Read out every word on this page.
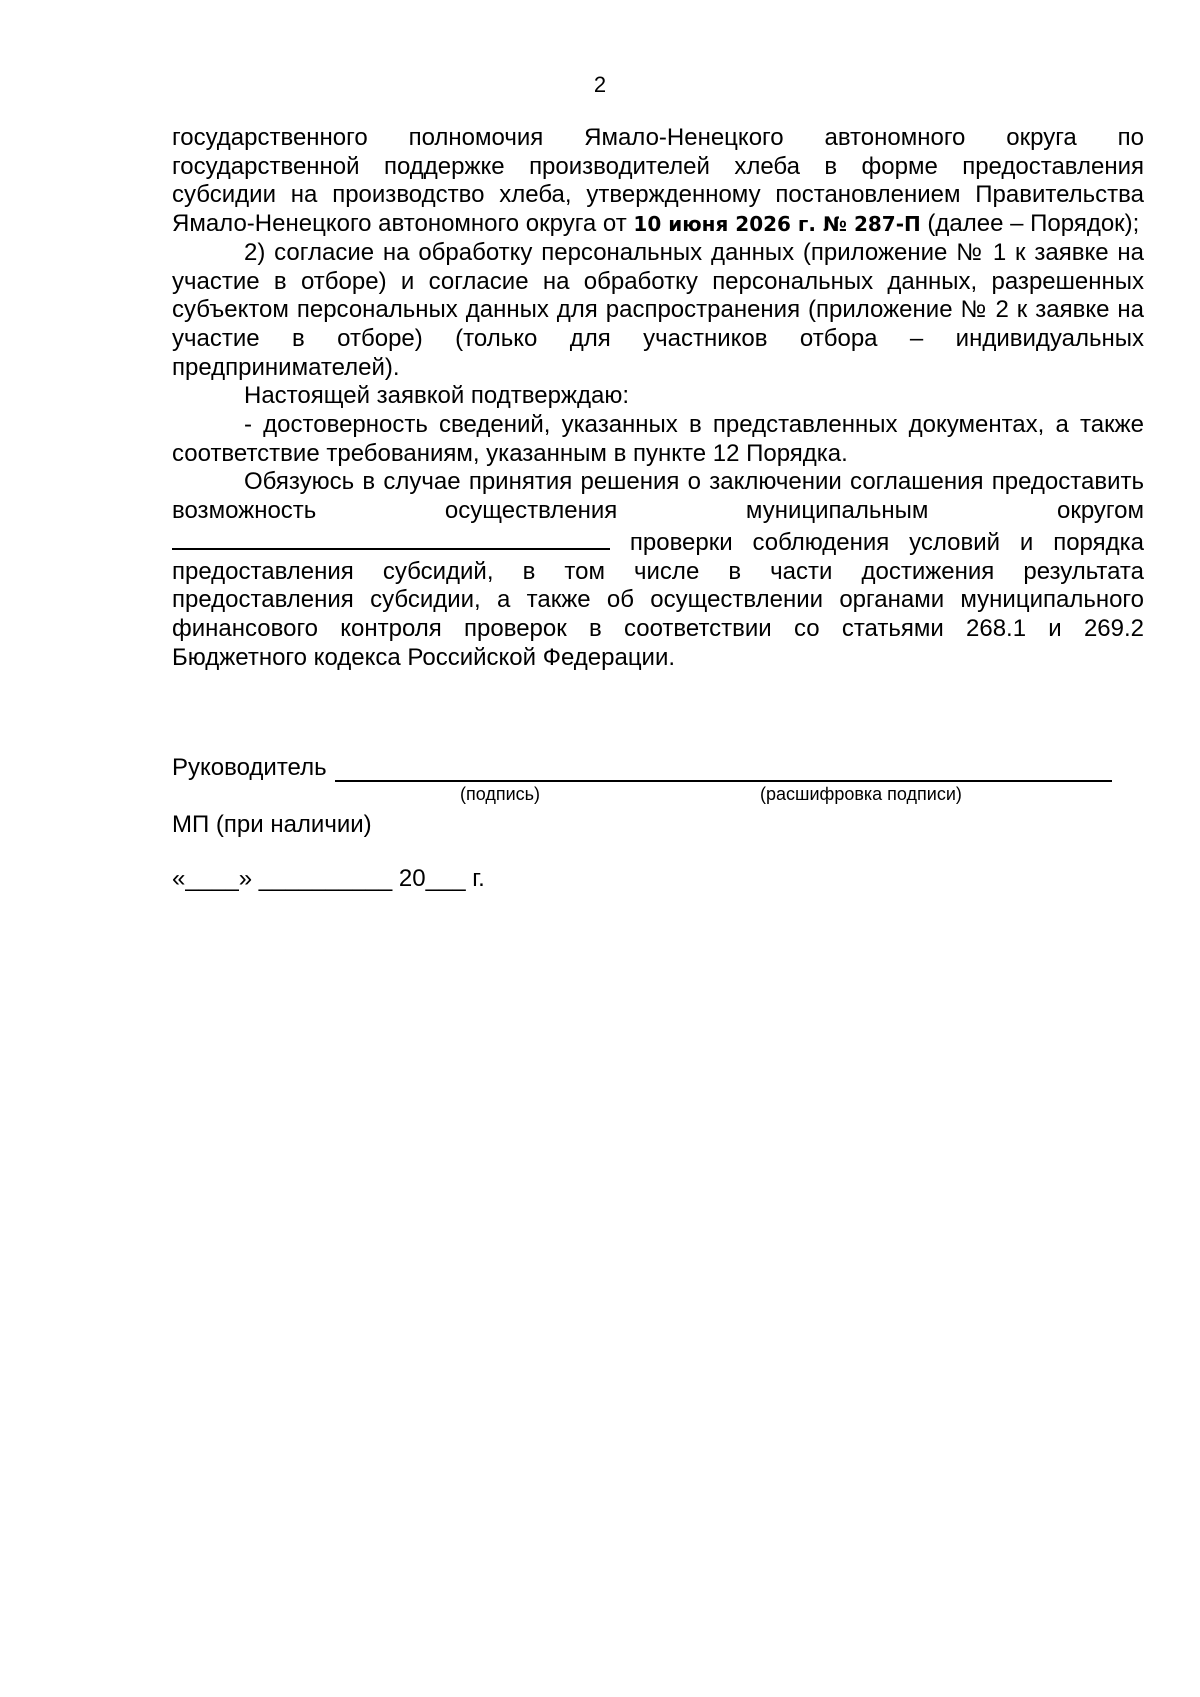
2

государственного полномочия Ямало-Ненецкого автономного округа по государственной поддержке производителей хлеба в форме предоставления субсидии на производство хлеба, утвержденному постановлением Правительства Ямало-Ненецкого автономного округа от 10 июня 2026 г. № 287-П (далее – Порядок);

2) согласие на обработку персональных данных (приложение № 1 к заявке на участие в отборе) и согласие на обработку персональных данных, разрешенных субъектом персональных данных для распространения (приложение № 2 к заявке на участие в отборе) (только для участников отбора – индивидуальных предпринимателей).

Настоящей заявкой подтверждаю:

- достоверность сведений, указанных в представленных документах, а также соответствие требованиям, указанным в пункте 12 Порядка.

Обязуюсь в случае принятия решения о заключении соглашения предоставить возможность осуществления муниципальным округом  проверки соблюдения условий и порядка предоставления субсидий, в том числе в части достижения результата предоставления субсидии, а также об осуществлении органами муниципального финансового контроля проверок в соответствии со статьями 268.1 и 269.2 Бюджетного кодекса Российской Федерации.

Руководитель
(подпись)	(расшифровка подписи)
МП (при наличии)
«____» __________ 20___ г.
